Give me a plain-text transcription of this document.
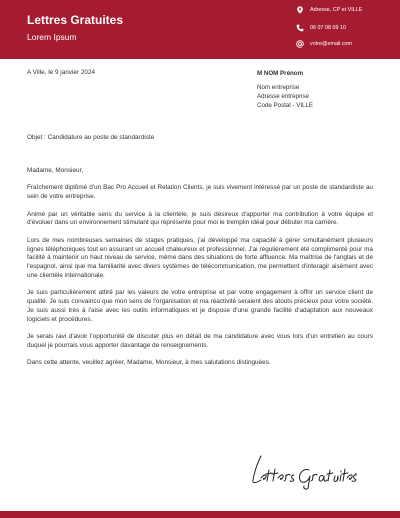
Lettres Gratuites
Lorem Ipsum
Adresse, CP et VILLE
06 07 08 09 10
votre@email.com
A Ville, le 9 janvier 2024	M NOM Prénom
Nom entreprise
Adresse entreprise
Code Postal - VILLE
Objet : Candidature au poste de standardiste

Madame, Monsieur,

Fraîchement diplômé d'un Bac Pro Accueil et Relation Clients, je suis vivement intéressé par un poste de standardiste au sein de votre entreprise.

Animé par un véritable sens du service à la clientèle, je suis désireux d'apporter ma contribution à votre équipe et d'évoluer dans un environnement stimulant qui représente pour moi le tremplin idéal pour débuter ma carrière.

Lors de mes nombreuses semaines de stages pratiques, j'ai développé ma capacité à gérer simultanément plusieurs lignes téléphoniques tout en assurant un accueil chaleureux et professionnel. J'ai régulièrement été complimenté pour ma facilité à maintenir un haut niveau de service, même dans des situations de forte affluence. Ma maîtrise de l'anglais et de l'espagnol, ainsi que ma familiarité avec divers systèmes de télécommunication, me permettent d'interagir aisément avec une clientèle internationale.

Je suis particulièrement attiré par les valeurs de votre entreprise et par votre engagement à offrir un service client de qualité. Je suis convaincu que mon sens de l'organisation et ma réactivité seraient des atouts précieux pour votre société. Je suis aussi très à l'aise avec les outils informatiques et je dispose d'une grande facilité d'adaptation aux nouveaux logiciels et procédures.

Je serais ravi d'avoir l'opportunité de discuter plus en détail de ma candidature avec vous lors d'un entretien au cours duquel je pourrais vous apporter davantage de renseignements.

Dans cette attente, veuillez agréer, Madame, Monsieur, à mes salutations distinguées.
